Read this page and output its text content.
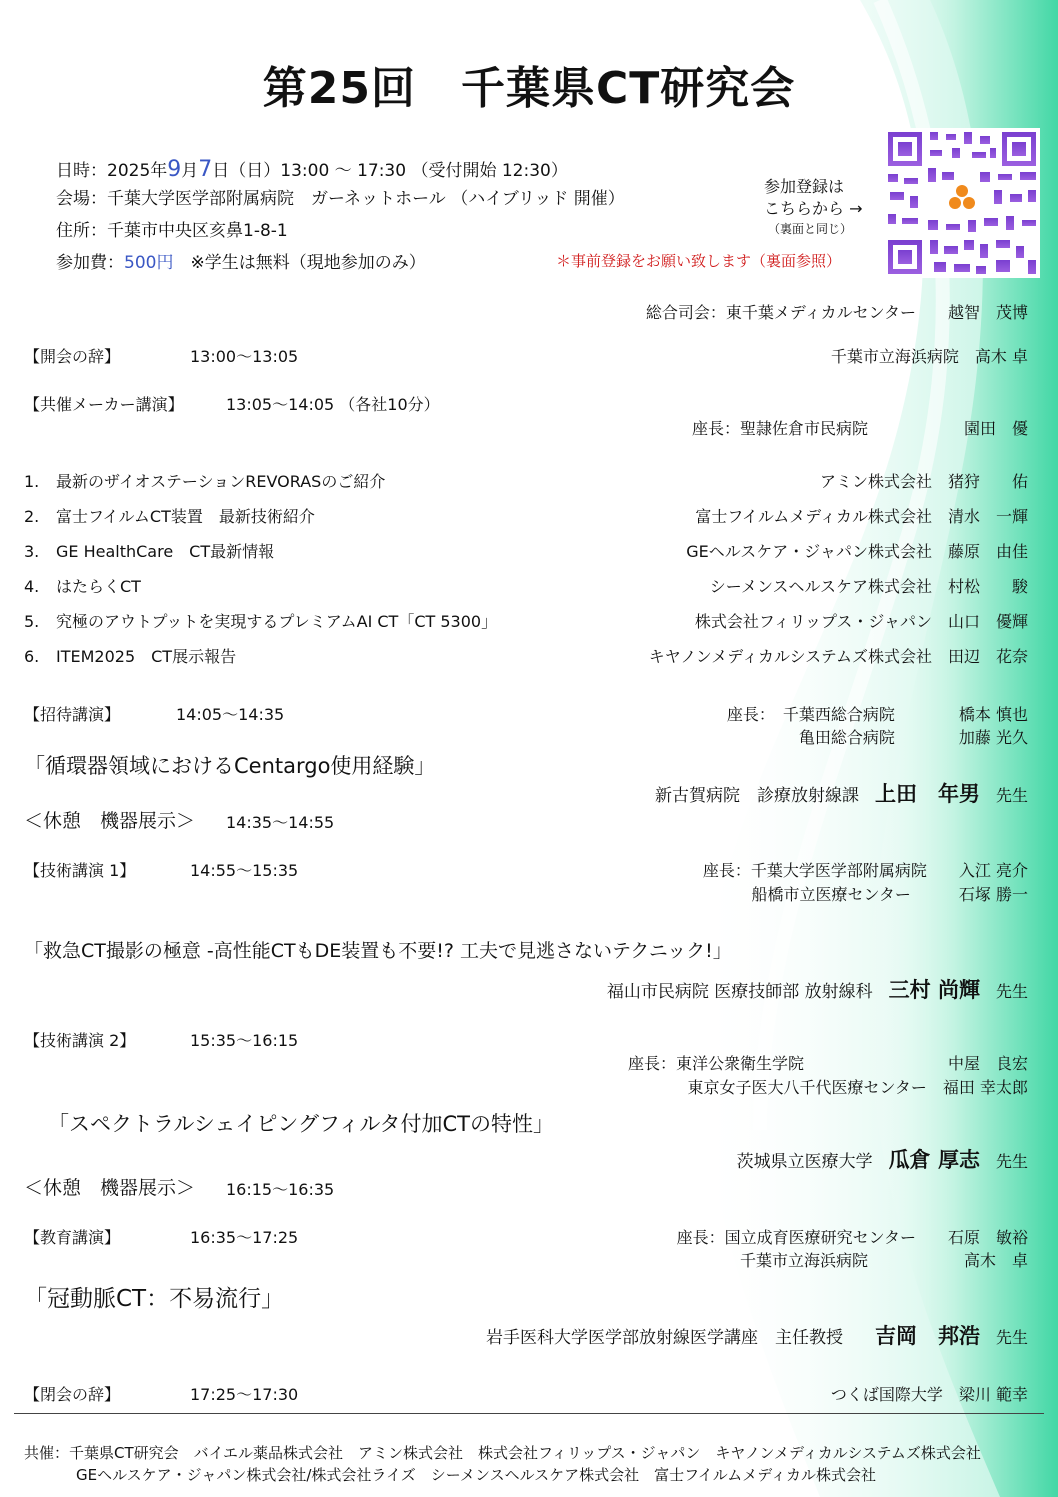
第25回　千葉県CT研究会
日時：2025年9月7日（日）13:00 ～ 17:30 （受付開始 12:30）
会場：千葉大学医学部附属病院　ガーネットホール （ハイブリッド 開催）
住所：千葉市中央区亥鼻1-8-1
参加費：500円　 ※学生は無料（現地参加のみ）
参加登録は
こちらから →
（裏面と同じ）
＊事前登録をお願い致します（裏面参照）
総合司会：東千葉メディカルセンター　　越智　茂博
【開会の辞】	13:00～13:05	千葉市立海浜病院　高木 卓
【共催メーカー講演】	13:05～14:05 （各社10分）
座長：聖隷佐倉市民病院　　　　　　園田　優
1. 最新のザイオステーションREVORASのご紹介	アミン株式会社　猪狩　　佑
2. 富士フイルムCT装置　最新技術紹介	富士フイルムメディカル株式会社　清水　一輝
3. GE HealthCare　CT最新情報	GEヘルスケア・ジャパン株式会社　藤原　由佳
4. はたらくCT	シーメンスヘルスケア株式会社　村松　　駿
5. 究極のアウトプットを実現するプレミアムAI CT「CT 5300」	株式会社フィリップス・ジャパン　山口　優輝
6. ITEM2025　CT展示報告	キヤノンメディカルシステムズ株式会社　田辺　花奈
【招待講演】	14:05～14:35	座長：　千葉西総合病院　　　　橋本 慎也
亀田総合病院　　　　加藤 光久
「循環器領域におけるCentargo使用経験」
新古賀病院　診療放射線課　 上田　年男　 先生
＜休憩　機器展示＞ 14:35～14:55
【技術講演 1】	14:55～15:35	座長：千葉大学医学部附属病院　　入江 亮介
船橋市立医療センター　　　石塚 勝一
「救急CT撮影の極意 -高性能CTもDE装置も不要!? 工夫で見逃さないテクニック!」
福山市民病院 医療技師部 放射線科　 三村 尚輝　 先生
【技術講演 2】	15:35～16:15
座長：東洋公衆衛生学院　　　　　　　　　中屋　良宏
東京女子医大八千代医療センター　福田 幸太郎
「スペクトラルシェイピングフィルタ付加CTの特性」
茨城県立医療大学　 瓜倉 厚志　 先生
＜休憩　機器展示＞ 16:15～16:35
【教育講演】	16:35～17:25	座長：国立成育医療研究センター　　石原　敏裕
千葉市立海浜病院　　　　　　高木　卓
「冠動脈CT：不易流行」
岩手医科大学医学部放射線医学講座　主任教授　　 吉岡　邦浩　 先生
【閉会の辞】	17:25～17:30	つくば国際大学　梁川 範幸
共催：千葉県CT研究会　バイエル薬品株式会社　アミン株式会社　株式会社フィリップス・ジャパン　キヤノンメディカルシステムズ株式会社
GEヘルスケア・ジャパン株式会社/株式会社ライズ　シーメンスヘルスケア株式会社　富士フイルムメディカル株式会社
